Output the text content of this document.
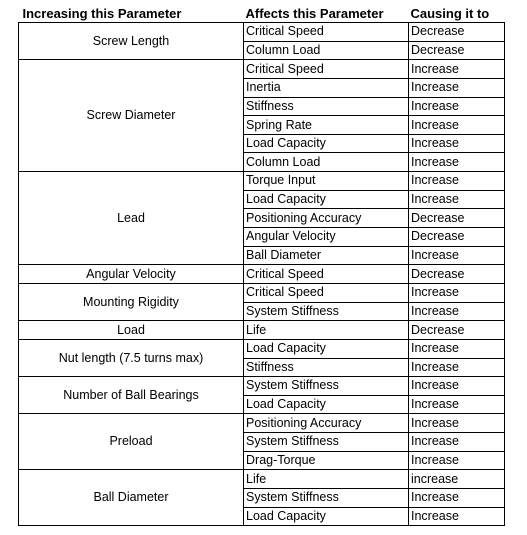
Increasing this Parameter	Affects this Parameter	Causing it to
Screw Length	Critical Speed	Decrease
	Column Load	Decrease
Screw Diameter	Critical Speed	Increase
	Inertia	Increase
	Stiffness	Increase
	Spring Rate	Increase
	Load Capacity	Increase
	Column Load	Increase
Lead	Torque Input	Increase
	Load Capacity	Increase
	Positioning Accuracy	Decrease
	Angular Velocity	Decrease
	Ball Diameter	Increase
Angular Velocity	Critical Speed	Decrease
Mounting Rigidity	Critical Speed	Increase
	System Stiffness	Increase
Load	Life	Decrease
Nut length (7.5 turns max)	Load Capacity	Increase
	Stiffness	Increase
Number of Ball Bearings	System Stiffness	Increase
	Load Capacity	Increase
Preload	Positioning Accuracy	Increase
	System Stiffness	Increase
	Drag-Torque	Increase
Ball Diameter	Life	increase
	System Stiffness	Increase
	Load Capacity	Increase
